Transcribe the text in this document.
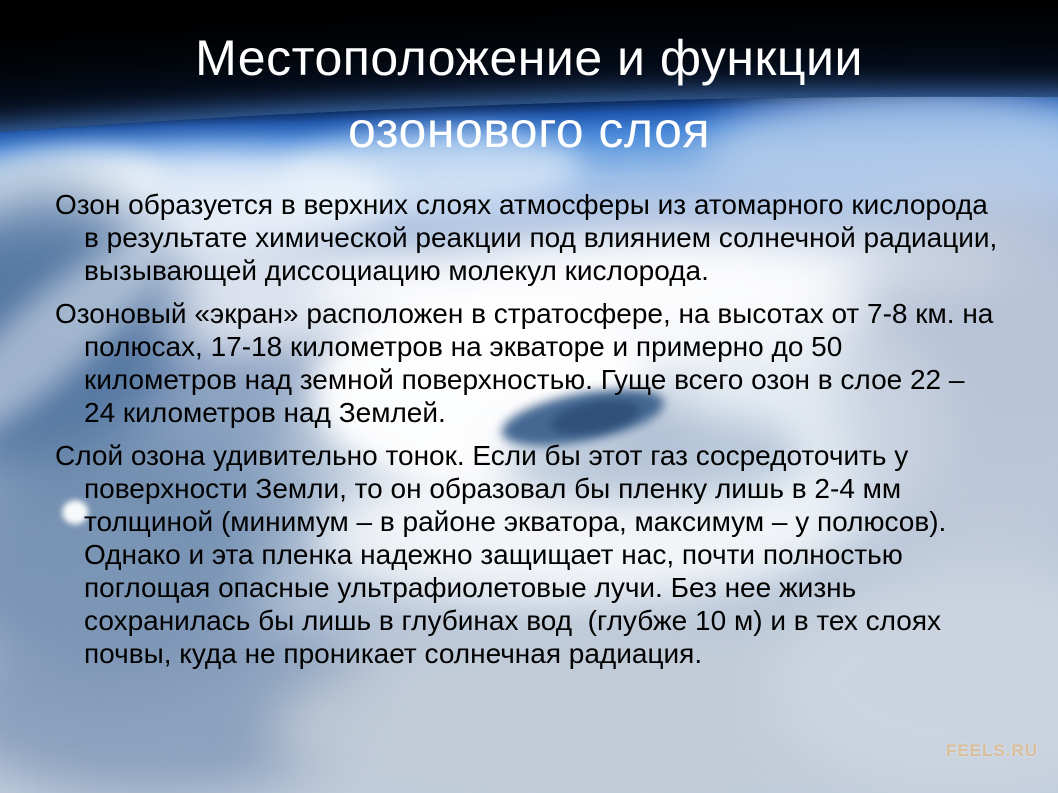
Местоположение и функции озонового слоя

Озон образуется в верхних слоях атмосферы из атомарного кислорода в результате химической реакции под влиянием солнечной радиации, вызывающей диссоциацию молекул кислорода.

Озоновый «экран» расположен в стратосфере, на высотах от 7-8 км. на полюсах, 17-18 километров на экваторе и примерно до 50 километров над земной поверхностью. Гуще всего озон в слое 22 – 24 километров над Землей.

Слой озона удивительно тонок. Если бы этот газ сосредоточить у поверхности Земли, то он образовал бы пленку лишь в 2-4 мм толщиной (минимум – в районе экватора, максимум – у полюсов). Однако и эта пленка надежно защищает нас, почти полностью поглощая опасные ультрафиолетовые лучи. Без нее жизнь сохранилась бы лишь в глубинах вод  (глубже 10 м) и в тех слоях почвы, куда не проникает солнечная радиация.

FEELS.RU
